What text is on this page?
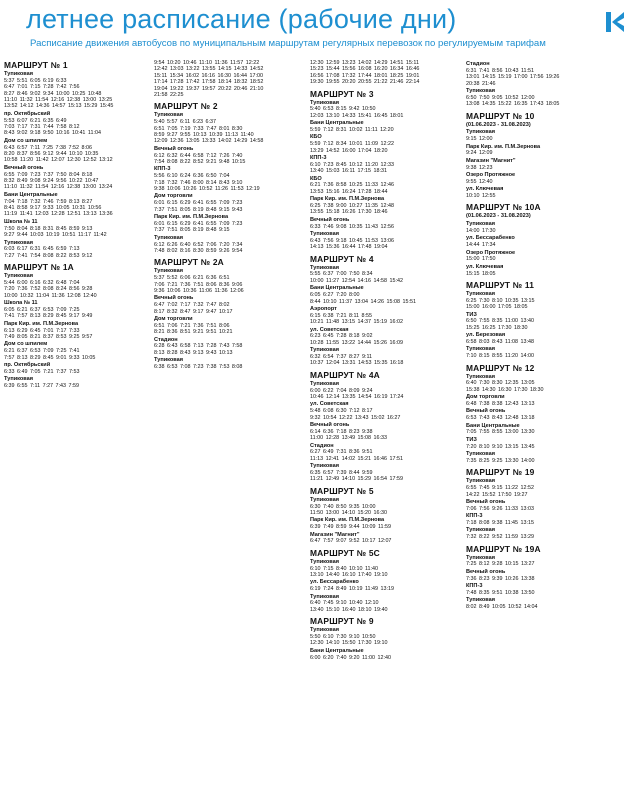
летнее расписание (рабочие дни)
Расписание движения автобусов по муниципальным маршрутам регулярных перевозок по регулируемым тарифам
МАРШРУТ № 1
Тупиковая
5:37 5:51 6:05 6:19 6:33
6:47 7:01 7:15 7:28 7:42 7:56
8:27 8:46 9:02 9:34 10:00 10:25 10:48
11:10 11:32 11:54 12:16 12:38 13:00 13:25
13:52 14:12 14:36 14:57 15:13 15:29 15:45
пр. Октябрьский
5:53 6:07 6:21 6:35 6:49
7:03 7:17 7:31 7:44 7:58 8:12
8:43 9:02 9:18 9:50 10:16 10:41 11:04
Дом со шпилем
6:43 6:57 7:11 7:25 7:38 7:52 8:06
8:20 8:37 8:56 9:12 9:44 10:10 10:35
10:58 11:20 11:42 12:07 12:30 12:52 13:12
Вечный огонь
6:55 7:09 7:23 7:37 7:50 8:04 8:18
8:32 8:49 9:08 9:24 9:56 10:22 10:47
11:10 11:32 11:54 12:16 12:38 13:00 13:24
Бани Центральные
7:04 7:18 7:32 7:46 7:59 8:13 8:27
8:41 8:58 9:17 9:33 10:05 10:31 10:56
11:19 11:41 12:03 12:28 12:51 13:13 13:36
Школа № 11
7:50 8:04 8:18 8:31 8:45 8:59 9:13
9:27 9:44 10:03 10:19 10:51 11:17 11:42
Тупиковая
6:03 6:17 6:31 6:45 6:59 7:13
7:27 7:41 7:54 8:08 8:22 8:53 9:12
МАРШРУТ № 1А
Тупиковая
5:44 6:00 6:16 6:32 6:48 7:04
7:20 7:36 7:52 8:08 8:24 8:56 9:28
10:00 10:32 11:04 11:36 12:08 12:40
Школа № 11
6:05 6:21 6:37 6:53 7:09 7:25
7:41 7:57 8:13 8:29 8:45 9:17 9:49
Парк Кир. им. П.М.Зернова
6:13 6:29 6:45 7:01 7:17 7:33
7:49 8:05 8:21 8:37 8:53 9:25 9:57
Дом со шпилем
6:21 6:37 6:53 7:09 7:25 7:41
7:57 8:13 8:29 8:45 9:01 9:33 10:05
пр. Октябрьский
6:33 6:49 7:05 7:21 7:37 7:53
Тупиковая
6:39 6:55 7:11 7:27 7:43 7:59
9:54 10:20 10:46 11:10 11:36 11:57 12:22
12:42 13:03 13:22 13:55 14:15 14:33 14:52
15:11 15:34 16:02 16:16 16:30 16:44 17:00
17:14 17:28 17:42 17:58 18:14 18:32 18:52
19:04 19:22 19:37 19:57 20:22 20:46 21:10
21:58 22:25
МАРШРУТ № 2
Тупиковая
5:40 5:57 6:11 6:23 6:37
6:51 7:05 7:19 7:33 7:47 8:01 8:30
8:59 9:27 9:55 10:13 10:39 11:13 11:40
12:09 12:36 13:05 13:33 14:02 14:29 14:58
Вечный огонь
6:12 6:32 6:44 6:58 7:12 7:26 7:40
7:54 8:08 8:22 8:52 9:21 9:48 10:15
КПП-3
5:56 6:10 6:24 6:36 6:50 7:04
7:18 7:32 7:46 8:00 8:14 8:43 9:10
9:38 10:06 10:26 10:52 11:26 11:53 12:19
Дом торговли
6:01 6:15 6:29 6:41 6:55 7:09 7:23
7:37 7:51 8:05 8:19 8:48 9:15 9:43
Парк Кир. им. П.М.Зернова
6:01 6:15 6:29 6:41 6:55 7:09 7:23
7:37 7:51 8:05 8:19 8:48 9:15
Тупиковая
6:12 6:26 6:40 6:52 7:06 7:20 7:34
7:48 8:02 8:16 8:30 8:59 9:26 9:54
МАРШРУТ № 2А
Тупиковая
5:37 5:52 6:06 6:21 6:36 6:51
7:06 7:21 7:36 7:51 8:06 8:36 9:06
9:36 10:06 10:36 11:06 11:36 12:06
Вечный огонь
6:47 7:02 7:17 7:32 7:47 8:02
8:17 8:32 8:47 9:17 9:47 10:17
Дом торговли
6:51 7:06 7:21 7:36 7:51 8:06
8:21 8:36 8:51 9:21 9:51 10:21
Стадион
6:28 6:43 6:58 7:13 7:28 7:43 7:58
8:13 8:28 8:43 9:13 9:43 10:13
Тупиковая
6:38 6:53 7:08 7:23 7:38 7:53 8:08
12:30 12:59 13:23 14:02 14:29 14:51 15:11
15:23 15:44 15:56 16:08 16:20 16:34 16:46
16:56 17:08 17:32 17:44 18:01 18:25 19:01
19:30 19:55 20:20 20:55 21:22 21:46 22:14
МАРШРУТ № 3
Тупиковая
5:40 6:53 8:15 9:42 10:50
12:03 13:10 14:33 15:41 16:45 18:01
Бани Центральные
5:59 7:12 8:31 10:02 11:11 12:20
КБО
5:59 7:12 8:34 10:01 11:09 12:22
13:29 14:52 16:00 17:04 18:20
КПП-3
6:10 7:23 8:45 10:12 11:20 12:33
13:40 15:03 16:11 17:15 18:31
КБО
6:21 7:36 8:58 10:25 11:33 12:46
13:53 15:16 16:24 17:28 18:44
Парк Кир. им. П.М.Зернова
6:25 7:38 9:00 10:27 11:35 12:48
13:55 15:18 16:26 17:30 18:46
Вечный огонь
6:33 7:46 9:08 10:35 11:43 12:56
Тупиковая
6:43 7:56 9:18 10:45 11:53 13:06
14:13 15:36 16:44 17:48 19:04
МАРШРУТ № 4
Тупиковая
5:55 6:37 7:00 7:50 8:34
10:00 11:27 12:54 14:16 14:58 15:42
Бани Центральные
6:05 6:27 7:20 8:00
8:44 10:10 11:37 13:04 14:26 15:08 15:51
Аэропорт
6:15 6:38 7:21 8:11 8:55
10:21 11:48 13:15 14:37 15:19 16:02
ул. Советская
6:23 6:45 7:28 8:18 9:02
10:28 11:55 13:22 14:44 15:26 16:09
Тупиковая
6:32 6:54 7:37 8:27 9:11
10:37 12:04 13:31 14:53 15:35 16:18
МАРШРУТ № 4А
Тупиковая
6:00 6:22 7:04 8:09 9:24
10:46 12:14 13:35 14:54 16:19 17:24
ул. Советская
5:48 6:08 6:30 7:12 8:17
9:32 10:54 12:22 13:43 15:02 16:27
Вечный огонь
6:14 6:36 7:18 8:23 9:38
11:00 12:28 13:49 15:08 16:33
Стадион
6:27 6:49 7:31 8:36 9:51
11:13 12:41 14:02 15:21 16:46 17:51
Тупиковая
6:35 6:57 7:39 8:44 9:59
11:21 12:49 14:10 15:29 16:54 17:59
МАРШРУТ № 5
Тупиковая
6:30 7:40 8:50 9:35 10:00
11:50 13:00 14:10 15:20 16:30
Парк Кир. им. П.М.Зернова
6:39 7:49 8:59 9:44 10:09 11:59
Магазин "Магнит"
6:47 7:57 9:07 9:52 10:17 12:07
МАРШРУТ № 5С
Тупиковая
6:10 7:15 8:40 10:10 11:40
13:10 14:40 16:10 17:40 19:10
ул. Бессарабенко
6:19 7:24 8:49 10:19 11:49 13:19
Тупиковая
6:40 7:45 9:10 10:40 12:10
13:40 15:10 16:40 18:10 19:40
МАРШРУТ № 9
Тупиковая
5:50 6:10 7:30 9:10 10:50
12:30 14:10 15:50 17:30 19:10
Бани Центральные
6:00 6:20 7:40 9:20 11:00 12:40
Стадион
6:31 7:41 8:56 10:43 11:51
13:01 14:15 15:19 17:00 17:56 19:26
20:38 21:46
Тупиковая
6:50 7:50 9:05 10:52 12:00
13:08 14:35 15:22 16:35 17:43 18:05
МАРШРУТ № 10
(01.06.2023 - 31.08.2023)
Тупиковая
9:15 12:00
Парк Кир. им. П.М.Зернова
9:24 12:09
Магазин "Магнит"
9:38 12:23
Озеро Протяжное
9:55 12:40
ул. Ключевая
10:10 12:55
МАРШРУТ № 10А
(01.06.2023 - 31.08.2023)
Тупиковая
14:00 17:30
ул. Бессарабенко
14:44 17:34
Озеро Протяжное
15:00 17:50
ул. Ключевая
15:15 18:05
МАРШРУТ № 11
Тупиковая
6:25 7:30 8:10 10:35 13:15
15:00 16:00 17:05 18:05
ТИЗ
6:50 7:55 8:35 11:00 13:40
15:25 16:25 17:30 18:30
ул. Березовая
6:58 8:03 8:43 11:08 13:48
Тупиковая
7:10 8:15 8:55 11:20 14:00
МАРШРУТ № 12
Тупиковая
6:40 7:30 8:30 12:35 13:05
15:38 14:30 16:30 17:30 18:30
Дом торговли
6:48 7:38 8:38 12:43 13:13
Вечный огонь
6:53 7:43 8:43 12:48 13:18
Бани Центральные
7:05 7:55 8:55 13:00 13:30
ТИЗ
7:20 8:10 9:10 13:15 13:45
Тупиковая
7:35 8:25 9:25 13:30 14:00
МАРШРУТ № 19
Тупиковая
6:55 7:45 9:15 11:22 12:52
14:22 15:52 17:50 19:27
Вечный огонь
7:06 7:56 9:26 11:33 13:03
КПП-3
7:18 8:08 9:38 11:45 13:15
Тупиковая
7:32 8:22 9:52 11:59 13:29
МАРШРУТ № 19А
Тупиковая
7:25 8:12 9:28 10:15 13:27
Вечный огонь
7:36 8:23 9:39 10:26 13:38
КПП-3
7:48 8:35 9:51 10:38 13:50
Тупиковая
8:02 8:49 10:05 10:52 14:04
